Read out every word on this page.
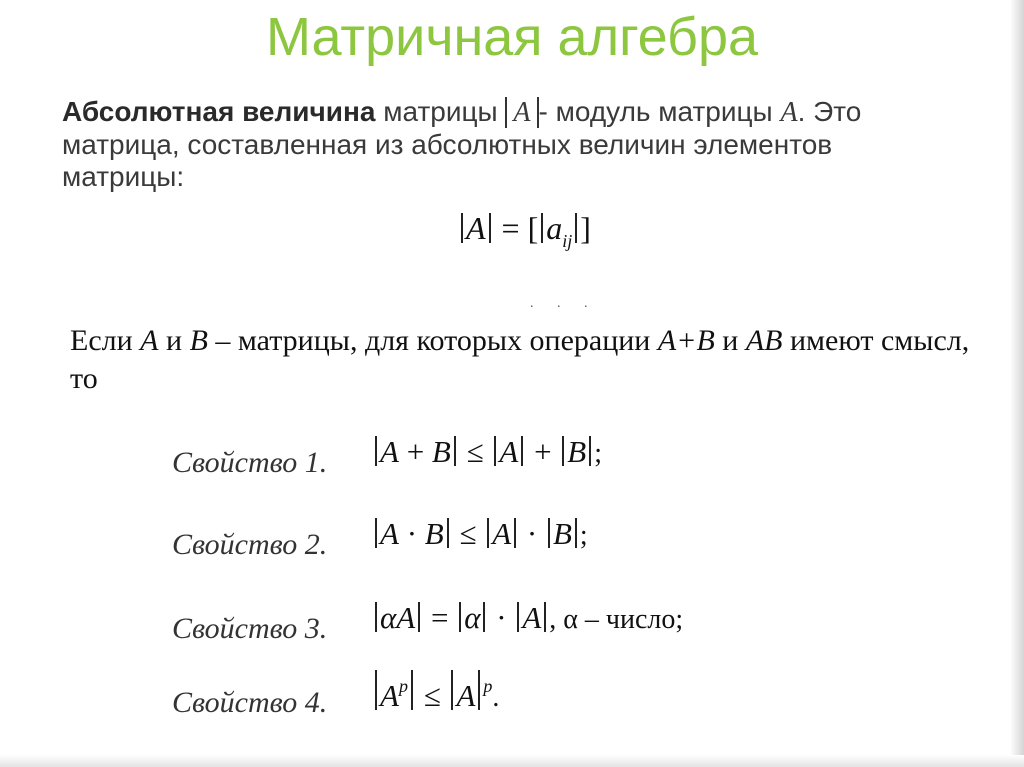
Матричная алгебра
Абсолютная величина матрицы A - модуль матрицы A. Это матрица, составленная из абсолютных величин элементов матрицы:
A = [ $a_{ij}$ ]
. . .
Если A и B – матрицы, для которых операции A+B и AB имеют смысл, то
Свойство 1. A + B ≤ A + B ;
Свойство 2. A · B ≤ A · B ;
Свойство 3. αA = α · A , α – число;
Свойство 4. $A^p \le A$ $^p$.
